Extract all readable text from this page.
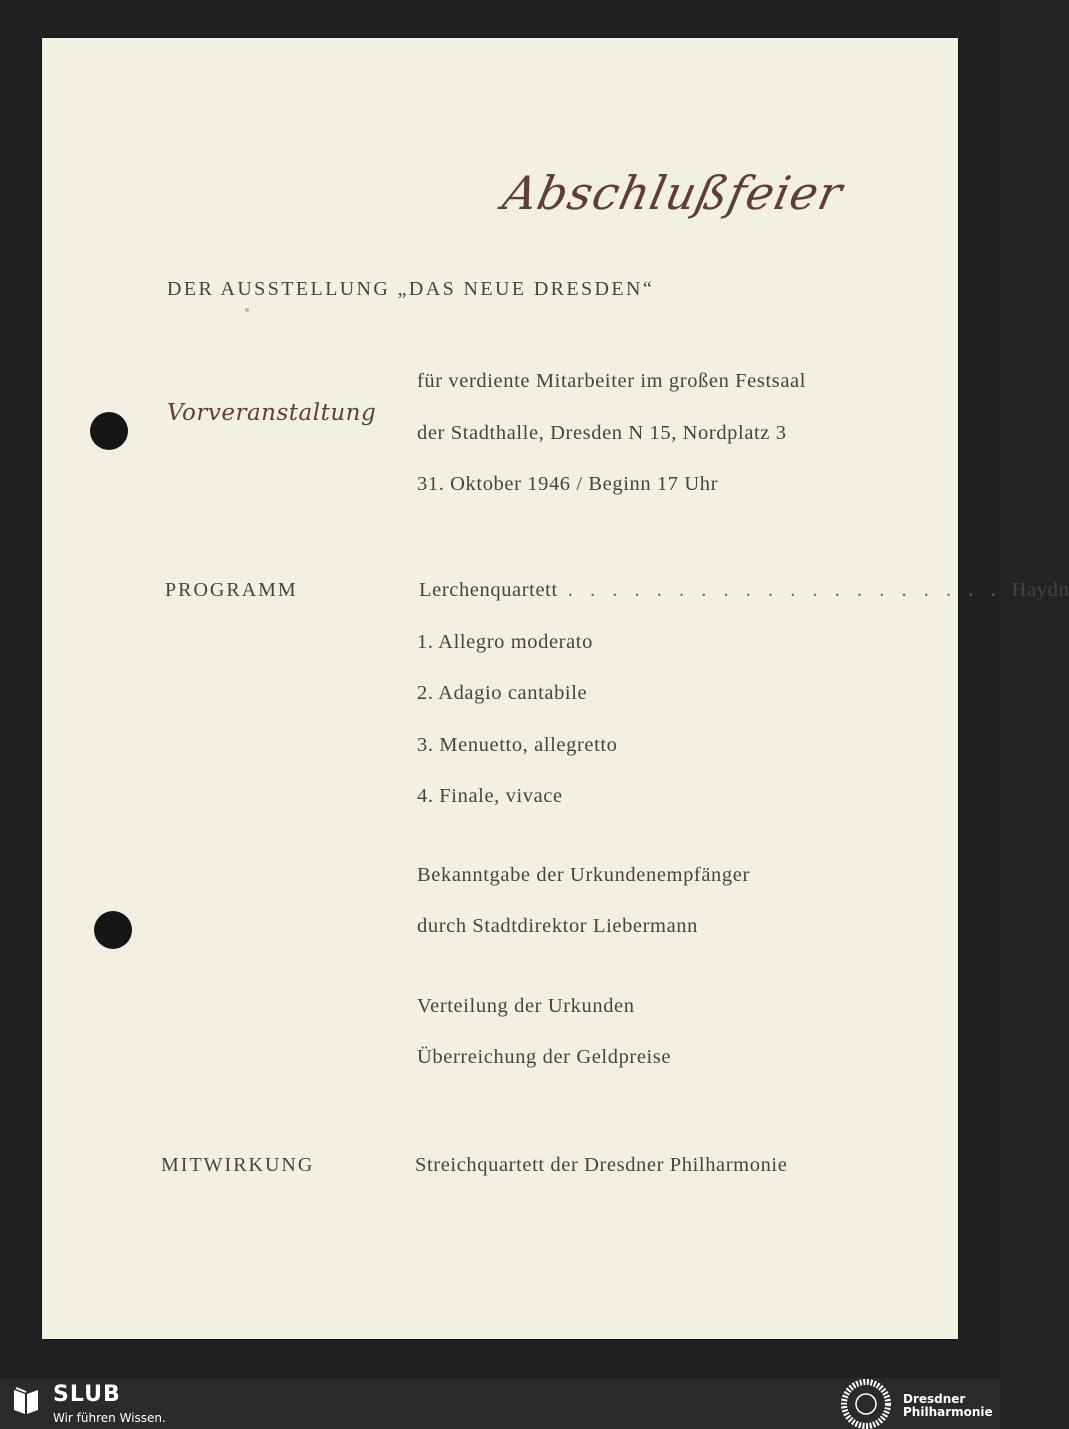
Abschlußfeier
DER AUSSTELLUNG „DAS NEUE DRESDEN“
Vorveranstaltung
für verdiente Mitarbeiter im großen Festsaal
der Stadthalle, Dresden N 15, Nordplatz 3
31. Oktober 1946 / Beginn 17 Uhr
PROGRAMM	Lerchenquartett . . . . . . . . . . . . . . . . . . . . Haydn
1. Allegro moderato
2. Adagio cantabile
3. Menuetto, allegretto
4. Finale, vivace
Bekanntgabe der Urkundenempfänger
durch Stadtdirektor Liebermann
Verteilung der Urkunden
Überreichung der Geldpreise
MITWIRKUNG	Streichquartett der Dresdner Philharmonie
SLUB
Wir führen Wissen.
Dresdner
Philharmonie
